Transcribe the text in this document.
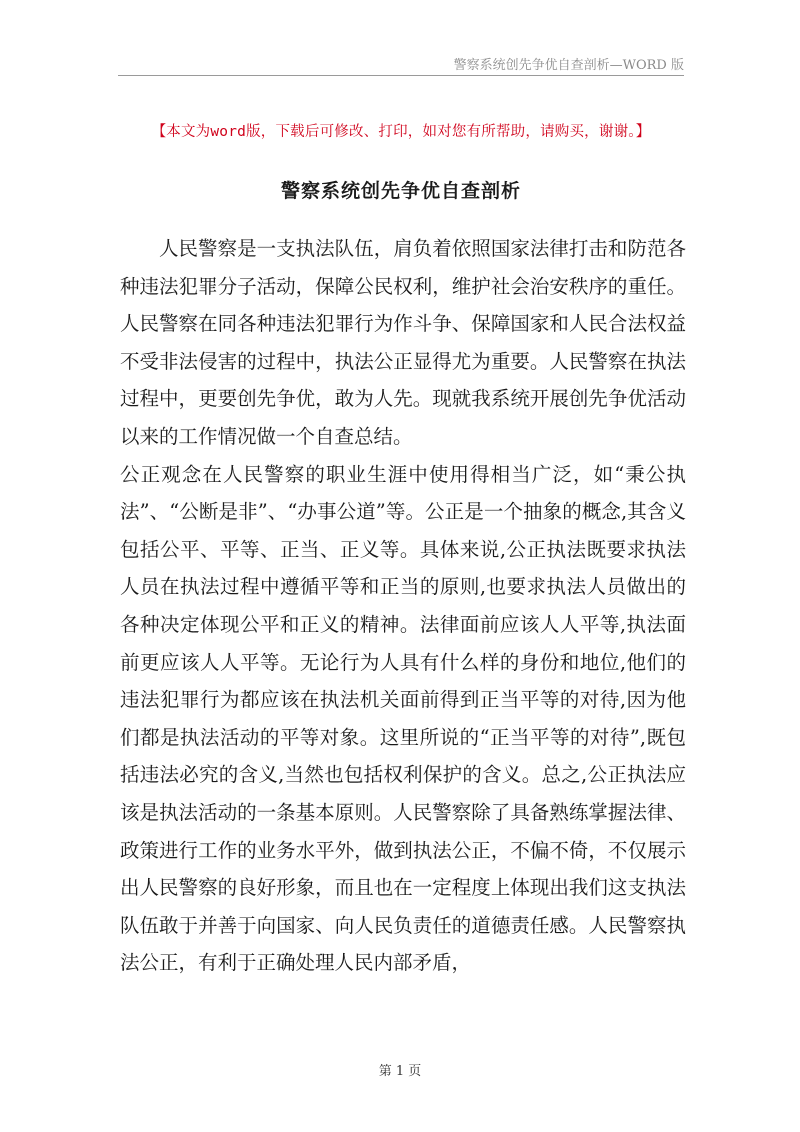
警察系统创先争优自查剖析—WORD 版
【本文为word版，下载后可修改、打印，如对您有所帮助，请购买，谢谢。】
警察系统创先争优自查剖析

人民警察是一支执法队伍，肩负着依照国家法律打击和防范各种违法犯罪分子活动，保障公民权利，维护社会治安秩序的重任。人民警察在同各种违法犯罪行为作斗争、保障国家和人民合法权益不受非法侵害的过程中，执法公正显得尤为重要。人民警察在执法过程中，更要创先争优，敢为人先。现就我系统开展创先争优活动以来的工作情况做一个自查总结。

公正观念在人民警察的职业生涯中使用得相当广泛，如“秉公执法”、“公断是非”、“办事公道”等。公正是一个抽象的概念,其含义包括公平、平等、正当、正义等。具体来说,公正执法既要求执法人员在执法过程中遵循平等和正当的原则,也要求执法人员做出的各种决定体现公平和正义的精神。法律面前应该人人平等,执法面前更应该人人平等。无论行为人具有什么样的身份和地位,他们的违法犯罪行为都应该在执法机关面前得到正当平等的对待,因为他们都是执法活动的平等对象。这里所说的“正当平等的对待”,既包括违法必究的含义,当然也包括权利保护的含义。总之,公正执法应该是执法活动的一条基本原则。人民警察除了具备熟练掌握法律、政策进行工作的业务水平外，做到执法公正，不偏不倚，不仅展示出人民警察的良好形象，而且也在一定程度上体现出我们这支执法队伍敢于并善于向国家、向人民负责任的道德责任感。人民警察执法公正，有利于正确处理人民内部矛盾，

第 1 页
